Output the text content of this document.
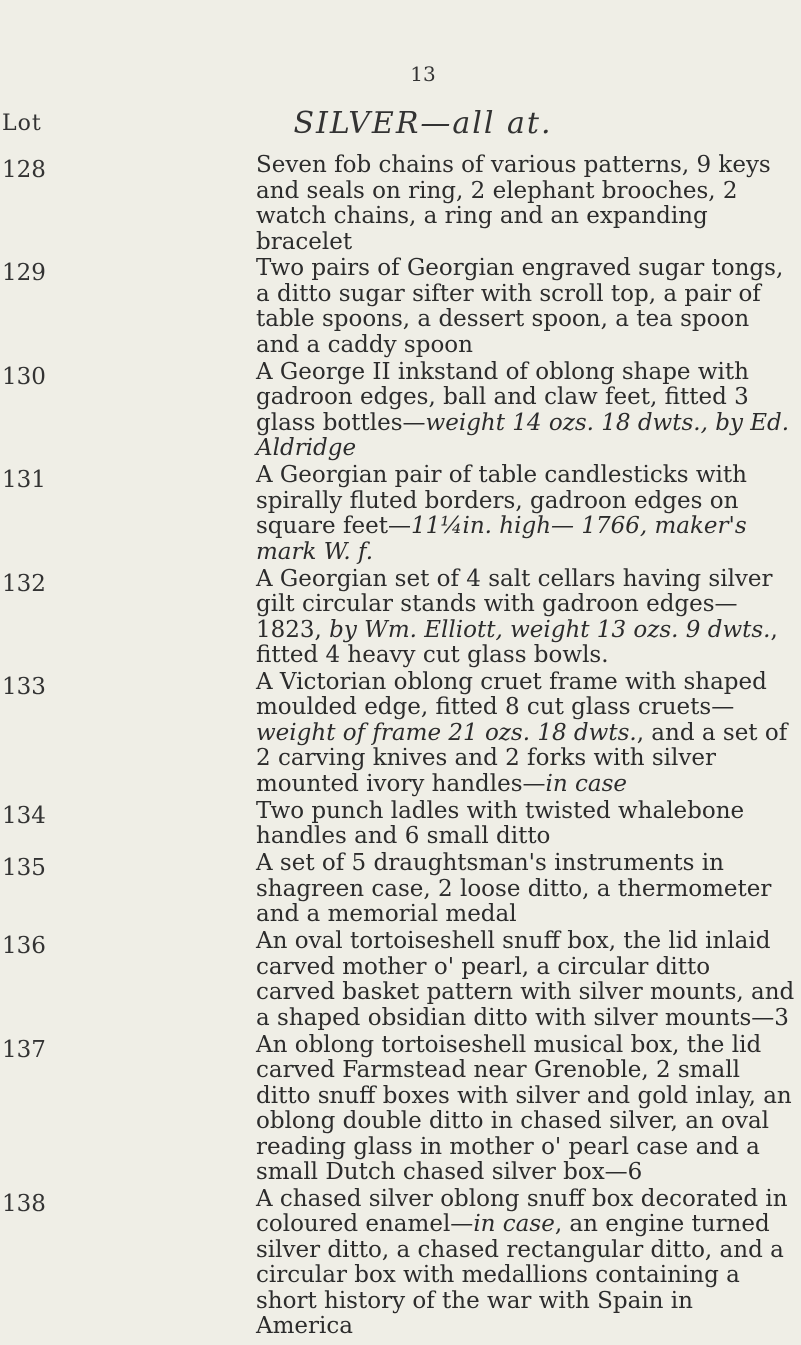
Lot
13
SILVER—all at.
128	Seven fob chains of various patterns, 9 keys and seals on ring, 2 elephant brooches, 2 watch chains, a ring and an expanding bracelet

129	Two pairs of Georgian engraved sugar tongs, a ditto sugar sifter with scroll top, a pair of table spoons, a dessert spoon, a tea spoon and a caddy spoon

130	A George II inkstand of oblong shape with gadroon edges, ball and claw feet, fitted 3 glass bottles—weight 14 ozs. 18 dwts., by Ed. Aldridge

131	A Georgian pair of table candlesticks with spirally fluted borders, gadroon edges on square feet—11¼in. high— 1766, maker's mark W. f.

132	A Georgian set of 4 salt cellars having silver gilt circular stands with gadroon edges—1823, by Wm. Elliott, weight 13 ozs. 9 dwts., fitted 4 heavy cut glass bowls.

133	A Victorian oblong cruet frame with shaped moulded edge, fitted 8 cut glass cruets—weight of frame 21 ozs. 18 dwts., and a set of 2 carving knives and 2 forks with silver mounted ivory handles—in case

134	Two punch ladles with twisted whalebone handles and 6 small ditto

135	A set of 5 draughtsman's instruments in shagreen case, 2 loose ditto, a thermometer and a memorial medal

136	An oval tortoiseshell snuff box, the lid inlaid carved mother o' pearl, a circular ditto carved basket pattern with silver mounts, and a shaped obsidian ditto with silver mounts—3

137	An oblong tortoiseshell musical box, the lid carved Farmstead near Grenoble, 2 small ditto snuff boxes with silver and gold inlay, an oblong double ditto in chased silver, an oval reading glass in mother o' pearl case and a small Dutch chased silver box—6

138	A chased silver oblong snuff box decorated in coloured enamel—in case, an engine turned silver ditto, a chased rectangular ditto, and a circular box with medallions containing a short history of the war with Spain in America
